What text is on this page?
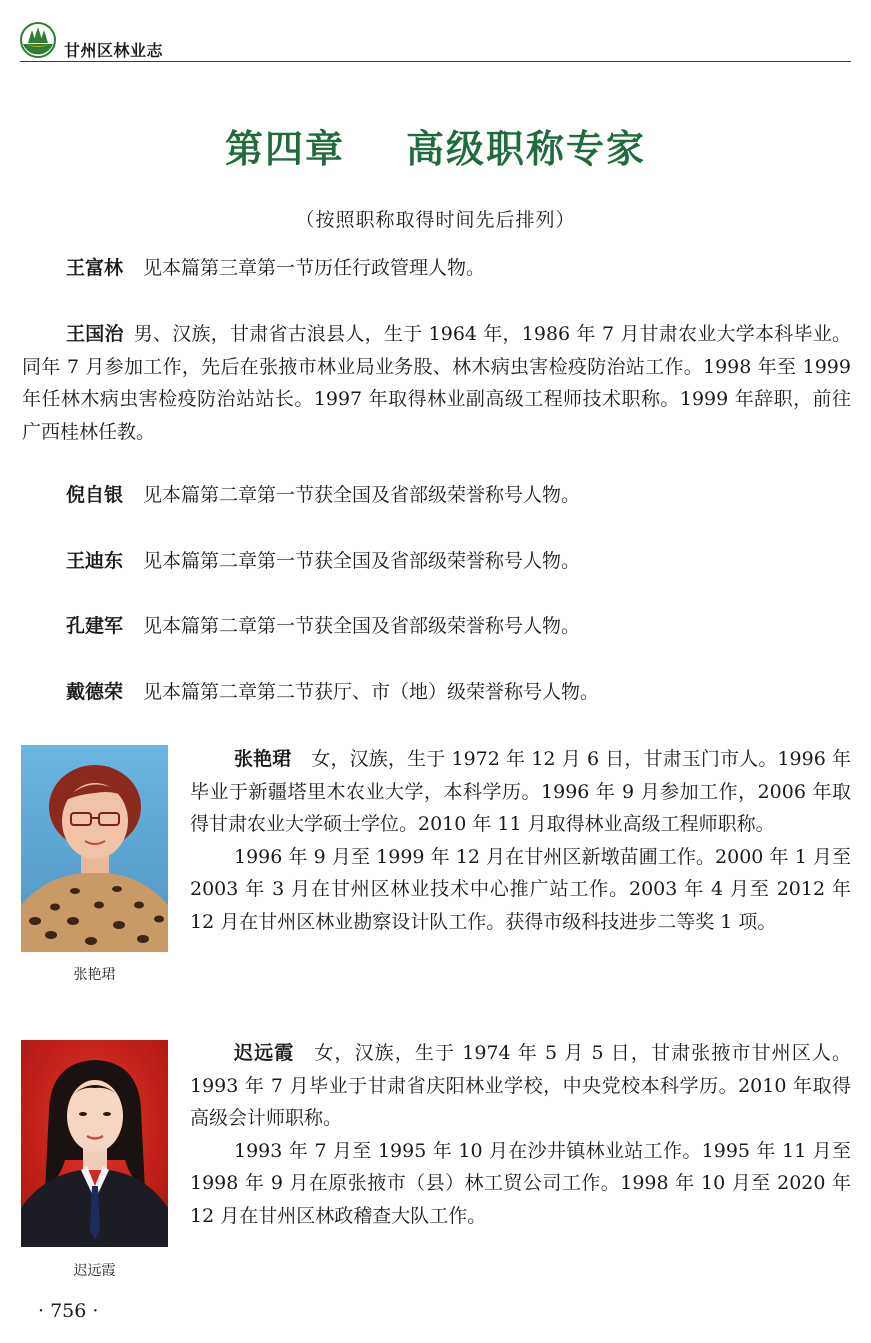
甘州区林业志
第四章    高级职称专家
（按照职称取得时间先后排列）

王富林 见本篇第三章第一节历任行政管理人物。

王国治 男、汉族，甘肃省古浪县人，生于 1964 年，1986 年 7 月甘肃农业大学本科毕业。同年 7 月参加工作，先后在张掖市林业局业务股、林木病虫害检疫防治站工作。1998 年至 1999 年任林木病虫害检疫防治站站长。1997 年取得林业副高级工程师技术职称。1999 年辞职，前往广西桂林任教。

倪自银 见本篇第二章第一节获全国及省部级荣誉称号人物。

王迪东 见本篇第二章第一节获全国及省部级荣誉称号人物。

孔建军 见本篇第二章第一节获全国及省部级荣誉称号人物。

戴德荣 见本篇第二章第二节获厅、市（地）级荣誉称号人物。

张艳珺

张艳珺 女，汉族，生于 1972 年 12 月 6 日，甘肃玉门市人。1996 年毕业于新疆塔里木农业大学，本科学历。1996 年 9 月参加工作，2006 年取得甘肃农业大学硕士学位。2010 年 11 月取得林业高级工程师职称。

1996 年 9 月至 1999 年 12 月在甘州区新墩苗圃工作。2000 年 1 月至 2003 年 3 月在甘州区林业技术中心推广站工作。2003 年 4 月至 2012 年 12 月在甘州区林业勘察设计队工作。获得市级科技进步二等奖 1 项。

迟远霞

迟远霞 女，汉族，生于 1974 年 5 月 5 日，甘肃张掖市甘州区人。1993 年 7 月毕业于甘肃省庆阳林业学校，中央党校本科学历。2010 年取得高级会计师职称。

1993 年 7 月至 1995 年 10 月在沙井镇林业站工作。1995 年 11 月至 1998 年 9 月在原张掖市（县）林工贸公司工作。1998 年 10 月至 2020 年 12 月在甘州区林政稽查大队工作。

· 756 ·
